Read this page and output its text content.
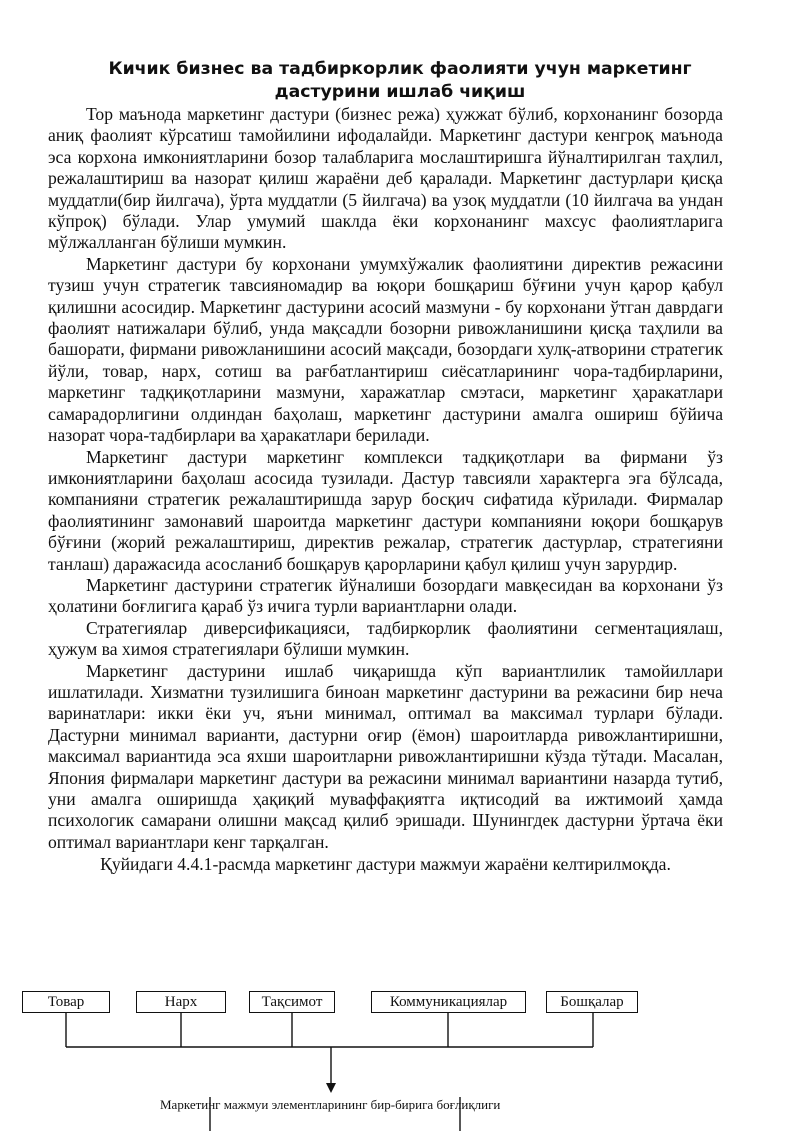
Кичик бизнес ва тадбиркорлик фаолияти учун маркетинг
дастурини ишлаб чиқиш

Тор маънода маркетинг дастури (бизнес режа) ҳужжат бўлиб, корхонанинг бозорда аниқ фаолият кўрсатиш тамойилини ифодалайди. Маркетинг дастури кенгроқ маънода эса корхона имкониятларини бозор талабларига мослаштиришга йўналтирилган таҳлил, режалаштириш ва назорат қилиш жараёни деб қаралади. Маркетинг дастурлари қисқа муддатли(бир йилгача), ўрта муддатли (5 йилгача) ва узоқ муддатли (10 йилгача ва ундан кўпроқ) бўлади. Улар умумий шаклда ёки корхонанинг махсус фаолиятларига мўлжалланган бўлиши мумкин.

Маркетинг дастури бу корхонани умумхўжалик фаолиятини директив режасини тузиш учун стратегик тавсияномадир ва юқори бошқариш бўғини учун қарор қабул қилишни асосидир. Маркетинг дастурини асосий мазмуни - бу корхонани ўтган даврдаги фаолият натижалари бўлиб, унда мақсадли бозорни ривожланишини қисқа таҳлили ва башорати, фирмани ривожланишини асосий мақсади, бозордаги хулқ-атворини стратегик йўли, товар, нарх, сотиш ва рағбатлантириш сиёсатларининг чора-тадбирларини, маркетинг тадқиқотларини мазмуни, харажатлар смэтаси, маркетинг ҳаракатлари самарадорлигини олдиндан баҳолаш, маркетинг дастурини амалга ошириш бўйича назорат чора-тадбирлари ва ҳаракатлари берилади.

Маркетинг дастури маркетинг комплекси тадқиқотлари ва фирмани ўз имкониятларини баҳолаш асосида тузилади. Дастур тавсияли характерга эга бўлсада, компанияни стратегик режалаштиришда зарур босқич сифатида кўрилади. Фирмалар фаолиятининг замонавий шароитда маркетинг дастури компанияни юқори бошқарув бўғини (жорий режалаштириш, директив режалар, стратегик дастурлар, стратегияни танлаш) даражасида асосланиб бошқарув қарорларини қабул қилиш учун зарурдир.

Маркетинг дастурини стратегик йўналиши бозордаги мавқесидан ва корхонани ўз ҳолатини боғлигига қараб ўз ичига турли вариантларни олади.

Стратегиялар диверсификацияси, тадбиркорлик фаолиятини сегментациялаш, ҳужум ва химоя стратегиялари бўлиши мумкин.

Маркетинг дастурини ишлаб чиқаришда кўп вариантлилик тамойиллари ишлатилади. Хизматни тузилишига биноан маркетинг дастурини ва режасини бир неча варинатлари: икки ёки уч, яъни минимал, оптимал ва максимал турлари бўлади. Дастурни минимал варианти, дастурни оғир (ёмон) шароитларда ривожлантиришни, максимал вариантида эса яхши шароитларни ривожлантиришни кўзда тўтади. Масалан, Япония фирмалари маркетинг дастури ва режасини минимал вариантини назарда тутиб, уни амалга оширишда ҳақиқий муваффақиятга иқтисодий ва ижтимоий ҳамда психологик самарани олишни мақсад қилиб эришади. Шунингдек дастурни ўртача ёки оптимал вариантлари кенг тарқалган.

Қуйидаги 4.4.1-расмда маркетинг дастури мажмуи жараёни келтирилмоқда.

Товар	Нарх	Тақсимот	Коммуникациялар	Бошқалар
Маркетинг мажмуи элементларининг бир-бирига боғлиқлиги
